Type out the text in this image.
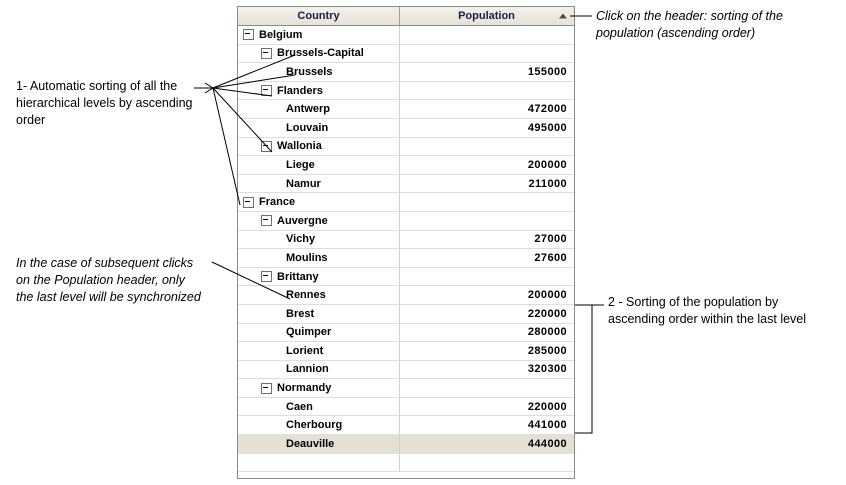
Country	Population
Belgium
Brussels-Capital
Brussels	155000
Flanders
Antwerp	472000
Louvain	495000
Wallonia
Liege	200000
Namur	211000
France
Auvergne
Vichy	27000
Moulins	27600
Brittany
Rennes	200000
Brest	220000
Quimper	280000
Lorient	285000
Lannion	320300
Normandy
Caen	220000
Cherbourg	441000
Deauville	444000
1- Automatic sorting of all the hierarchical levels by ascending order
In the case of subsequent clicks on the Population header, only the last level will be synchronized
Click on the header: sorting of the population (ascending order)
2 - Sorting of the population by ascending order within the last level
